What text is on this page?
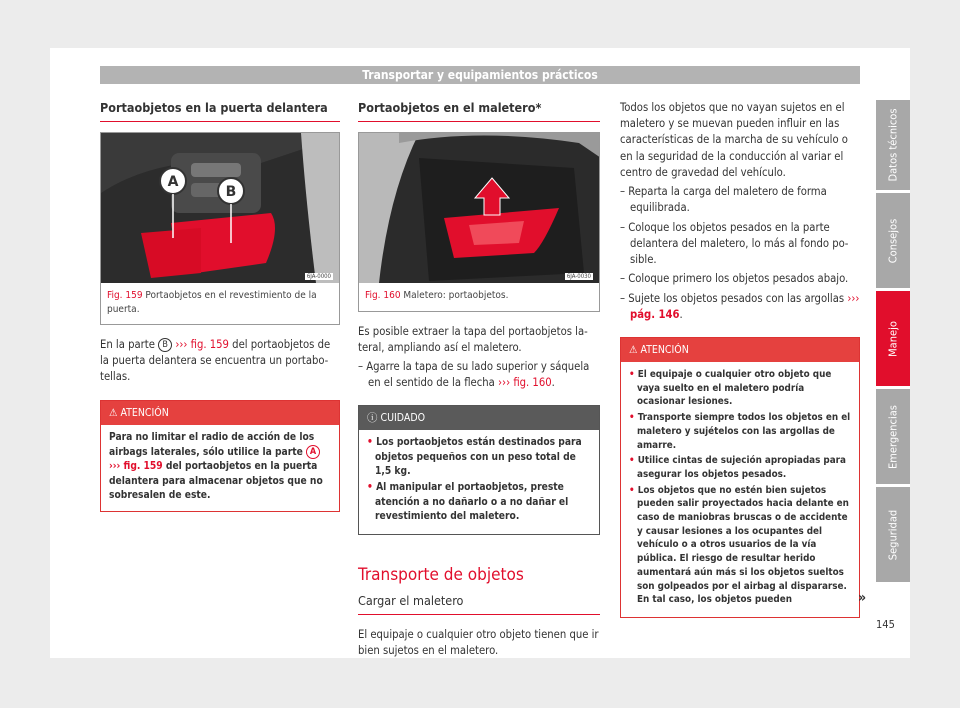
Transportar y equipamientos prácticos
Portaobjetos en la puerta delantera
A
B
6JA-0000
Fig. 159 Portaobjetos en el revestimiento de la puerta.

En la parte B ››› fig. 159 del portaobjetos de la puerta delantera se encuentra un portabotellas.

⚠ ATENCIÓN
Para no limitar el radio de acción de los airbags laterales, sólo utilice la parte A
››› fig. 159 del portaobjetos en la puerta delantera para almacenar objetos que no sobresalen de este.
Portaobjetos en el maletero*
6JA-0030
Fig. 160 Maletero: portaobjetos.

Es posible extraer la tapa del portaobjetos lateral, ampliando así el maletero.

– Agarre la tapa de su lado superior y sáquela en el sentido de la flecha ››› fig. 160.
ⓘ CUIDADO
• Los portaobjetos están destinados para objetos pequeños con un peso total de 1,5 kg.
• Al manipular el portaobjetos, preste atención a no dañarlo o a no dañar el revestimiento del maletero.
Transporte de objetos
Cargar el maletero

El equipaje o cualquier otro objeto tienen que ir bien sujetos en el maletero.

Todos los objetos que no vayan sujetos en el maletero y se muevan pueden influir en las características de la marcha de su vehículo o en la seguridad de la conducción al variar el centro de gravedad del vehículo.

– Reparta la carga del maletero de forma equilibrada.
– Coloque los objetos pesados en la parte delantera del maletero, lo más al fondo posible.
– Coloque primero los objetos pesados abajo.
– Sujete los objetos pesados con las argollas ››› pág. 146.
⚠ ATENCIÓN
• El equipaje o cualquier otro objeto que vaya suelto en el maletero podría ocasionar lesiones.
• Transporte siempre todos los objetos en el maletero y sujételos con las argollas de amarre.
• Utilice cintas de sujeción apropiadas para asegurar los objetos pesados.
• Los objetos que no estén bien sujetos pueden salir proyectados hacia delante en caso de maniobras bruscas o de accidente y causar lesiones a los ocupantes del vehículo o a otros usuarios de la vía pública. El riesgo de resultar herido aumentará aún más si los objetos sueltos son golpeados por el airbag al dispararse. En tal caso, los objetos pueden	»
Datos técnicos
Consejos
Manejo
Emergencias
Seguridad
145
